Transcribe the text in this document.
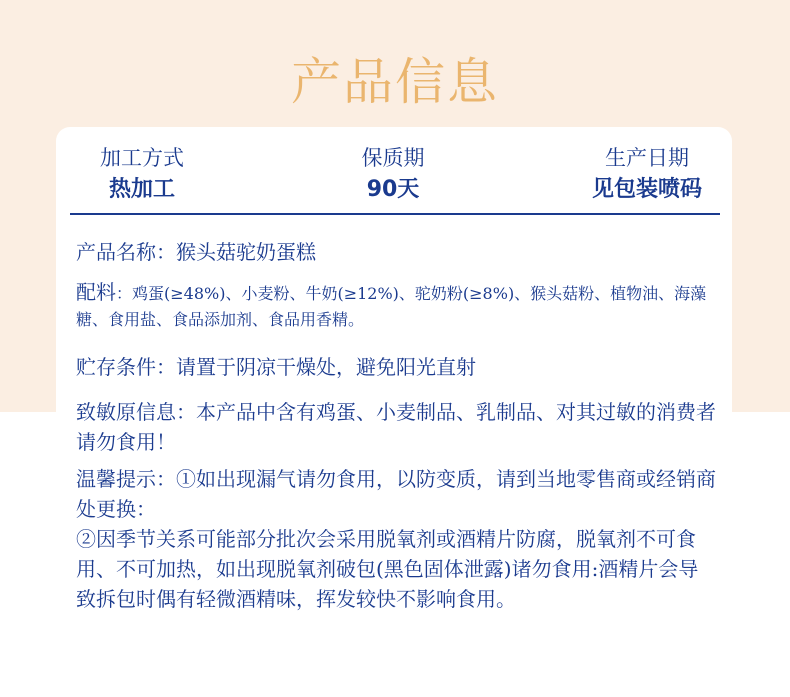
产品信息
加工方式
热加工
保质期
90天
生产日期
见包装喷码

产品名称：猴头菇驼奶蛋糕

配料：鸡蛋(≥48%)、小麦粉、牛奶(≥12%)、驼奶粉(≥8%)、猴头菇粉、植物油、海藻糖、食用盐、食品添加剂、食品用香精。

贮存条件：请置于阴凉干燥处，避免阳光直射

致敏原信息：本产品中含有鸡蛋、小麦制品、乳制品、对其过敏的消费者请勿食用！

温馨提示：①如出现漏气请勿食用，以防变质，请到当地零售商或经销商处更换：
②因季节关系可能部分批次会采用脱氧剂或酒精片防腐，脱氧剂不可食用、不可加热，如出现脱氧剂破包(黑色固体泄露)诸勿食用:酒精片会导致拆包时偶有轻微酒精味，挥发较快不影响食用。
